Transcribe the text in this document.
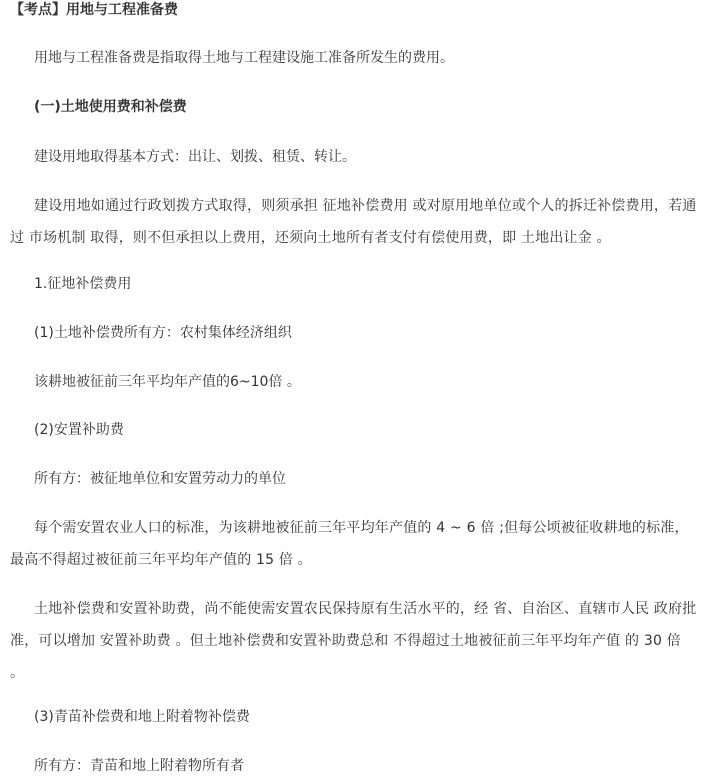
【考点】用地与工程准备费

用地与工程准备费是指取得土地与工程建设施工准备所发生的费用。

(一)土地使用费和补偿费

建设用地取得基本方式：出让、划拨、租赁、转让。

建设用地如通过行政划拨方式取得，则须承担 征地补偿费用 或对原用地单位或个人的拆迁补偿费用，若通过 市场机制 取得，则不但承担以上费用，还须向土地所有者支付有偿使用费，即 土地出让金 。

1.征地补偿费用

(1)土地补偿费所有方：农村集体经济组织

该耕地被征前三年平均年产值的6~10倍 。

(2)安置补助费

所有方：被征地单位和安置劳动力的单位

每个需安置农业人口的标准，为该耕地被征前三年平均年产值的 4 ~ 6 倍 ;但每公顷被征收耕地的标准，最高不得超过被征前三年平均年产值的 15 倍 。

土地补偿费和安置补助费，尚不能使需安置农民保持原有生活水平的，经 省、自治区、直辖市人民 政府批准，可以增加 安置补助费 。但土地补偿费和安置补助费总和 不得超过土地被征前三年平均年产值 的 30 倍 。

(3)青苗补偿费和地上附着物补偿费

所有方：青苗和地上附着物所有者
